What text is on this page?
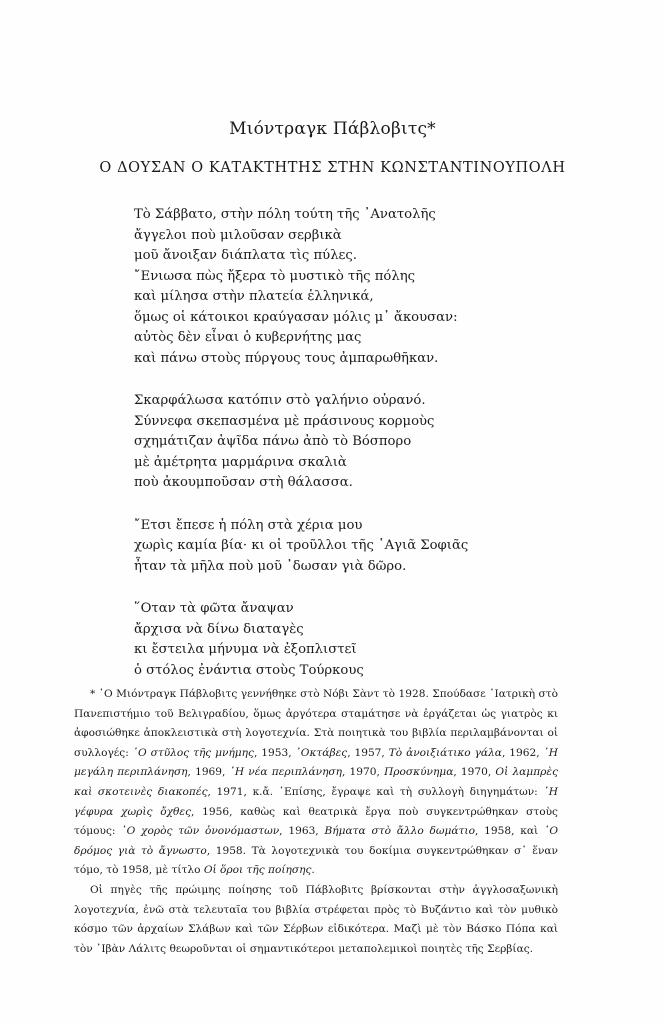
Μιόντραγκ Πάβλοβιτς*
Ο ΔΟΥΣΑΝ Ο ΚΑΤΑΚΤΗΤΗΣ ΣΤΗΝ ΚΩΝΣΤΑΝΤΙΝΟΥΠΟΛΗ
Τὸ Σάββατο, στὴν πόλη τούτη τῆς ᾿Ανατολῆς
ἄγγελοι ποὺ μιλοῦσαν σερβικὰ
μοῦ ἄνοιξαν διάπλατα τὶς πύλες.
῎Ενιωσα πὼς ἤξερα τὸ μυστικὸ τῆς πόλης
καὶ μίλησα στὴν πλατεία ἑλληνικά,
ὅμως οἱ κάτοικοι κραύγασαν μόλις μ᾿ ἄκουσαν:
αὐτὸς δὲν εἶναι ὁ κυβερνήτης μας
καὶ πάνω στοὺς πύργους τους ἀμπαρωθῆκαν.
Σκαρφάλωσα κατόπιν στὸ γαλήνιο οὐρανό.
Σύννεφα σκεπασμένα μὲ πράσινους κορμοὺς
σχημάτιζαν ἁψῖδα πάνω ἀπὸ τὸ Βόσπορο
μὲ ἀμέτρητα μαρμάρινα σκαλιὰ
ποὺ ἀκουμποῦσαν στὴ θάλασσα.
῎Ετσι ἔπεσε ἡ πόλη στὰ χέρια μου
χωρὶς καμία βία· κι οἱ τροῦλλοι τῆς ῾Αγιᾶ Σοφιᾶς
ἦταν τὰ μῆλα ποὺ μοῦ ᾿δωσαν γιὰ δῶρο.
῞Οταν τὰ φῶτα ἄναψαν
ἄρχισα νὰ δίνω διαταγὲς
κι ἔστειλα μήνυμα νὰ ἐξοπλιστεῖ
ὁ στόλος ἐνάντια στοὺς Τούρκους

* ῾Ο Μιόντραγκ Πάβλοβιτς γεννήθηκε στὸ Νόβι Σὰντ τὸ 1928. Σπούδασε ᾿Ιατρικὴ στὸ Πανεπιστήμιο τοῦ Βελιγραδίου, ὅμως ἀργότερα σταμάτησε νὰ ἐργάζεται ὡς γιατρὸς κι ἀφοσιώθηκε ἀποκλειστικὰ στὴ λογοτεχνία. Στὰ ποιητικὰ του βιβλία περιλαμβάνονται οἱ συλλογές: ῾Ο στῦλος τῆς μνήμης, 1953, ᾿Οκτάβες, 1957, Τὸ ἀνοιξιάτικο γάλα, 1962, ῾Η μεγάλη περιπλάνηση, 1969, ῾Η νέα περιπλάνηση, 1970, Προσκύνημα, 1970, Οἱ λαμπρὲς καὶ σκοτεινὲς διακοπές, 1971, κ.ἄ. ᾿Επίσης, ἔγραψε καὶ τὴ συλλογὴ διηγημάτων: ῾Η γέφυρα χωρὶς ὄχθες, 1956, καθὼς καὶ θεατρικὰ ἔργα ποὺ συγκεντρώθηκαν στοὺς τόμους: ῾Ο χορὸς τῶν ὀνονόμαστων, 1963, Βήματα στὸ ἄλλο δωμάτιο, 1958, καὶ ῾Ο δρόμος γιὰ τὸ ἄγνωστο, 1958. Τὰ λογοτεχνικὰ του δοκίμια συγκεντρώθηκαν σ᾿ ἕναν τόμο, τὸ 1958, μὲ τίτλο Οἱ ὅροι τῆς ποίησης.

Οἱ πηγὲς τῆς πρώιμης ποίησης τοῦ Πάβλοβιτς βρίσκονται στὴν ἀγγλοσαξωνικὴ λογοτεχνία, ἐνῶ στὰ τελευταῖα του βιβλία στρέφεται πρὸς τὸ Βυζάντιο καὶ τὸν μυθικὸ κόσμο τῶν ἀρχαίων Σλάβων καὶ τῶν Σέρβων εἰδικότερα. Μαζὶ μὲ τὸν Βάσκο Πόπα καὶ τὸν ᾿Ιβὰν Λάλιτς θεωροῦνται οἱ σημαντικότεροι μεταπολεμικοὶ ποιητὲς τῆς Σερβίας.
